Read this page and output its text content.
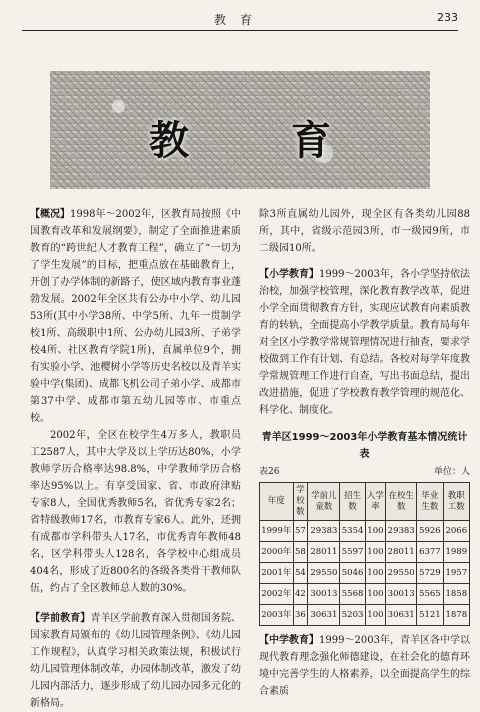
教育	233
教 育

【概况】1998年～2002年，区教育局按照《中国教育改革和发展纲要》，制定了全面推进素质教育的“跨世纪人才教育工程”，确立了“一切为了学生发展”的目标，把重点放在基础教育上，开创了办学体制的新路子，使区域内教育事业蓬勃发展。2002年全区共有公办中小学、幼儿园53所(其中小学38所、中学5所、九年一贯制学校1所、高级职中1所、公办幼儿园3所、子弟学校4所、社区教育学院1所)，直属单位9个，拥有实验小学、池樱树小学等历史名校以及青羊实验中学(集团)、成都飞机公司子弟小学、成都市第37中学、成都市第五幼儿园等市、市重点校。

2002年，全区在校学生4万多人，教职员工2587人，其中大学及以上学历达80%，小学教师学历合格率达98.8%，中学教师学历合格率达95%以上。有享受国家、省、市政府津贴专家8人，全国优秀教师5名，省优秀专家2名；省特级教师17名，市教育专家6人。此外，还拥有成都市学科带头人17名，市优秀青年教师48名，区学科带头人128名，各学校中心组成员404名，形成了近800名的各级各类骨干教师队伍，约占了全区教师总人数的30%。

【学前教育】青羊区学前教育深入贯彻国务院、国家教育局颁布的《幼儿园管理条例》、《幼儿园工作规程》，认真学习相关政策法规，积极试行幼儿园管理体制改革，办园体制改革，激发了幼儿园内部活力，逐步形成了幼儿园办园多元化的新格局。

除3所直属幼儿园外，现全区有各类幼儿园88所，其中，省级示范园3所，市一级园9所，市二级园10所。

【小学教育】1999～2003年，各小学坚持依法治校，加强学校管理，深化教育教学改革，促进小学全面贯彻教育方针，实现应试教育向素质教育的转轨，全面提高小学教学质量。教育局每年对全区小学教学常规管理情况进行抽查，要求学校做到工作有计划、有总结。各校对每学年度教学常规管理工作进行自查，写出书面总结，提出改进措施，促进了学校教育教学管理的规范化、科学化、制度化。

青羊区1999～2003年小学教育基本情况统计表
表26	单位：人
年度	学校数	学前儿童数	招生数	入学率	在校生数	毕业生数	教职工数
1999年	57	29383	5354	100	29383	5926	2066
2000年	58	28011	5597	100	28011	6377	1989
2001年	54	29550	5046	100	29550	5729	1957
2002年	42	30013	5568	100	30013	5565	1858
2003年	36	30631	5203	100	30631	5121	1878

【中学教育】1999～2003年，青羊区各中学以现代教育理念强化师德建设，在社会化的德育环境中完善学生的人格素养，以全面提高学生的综合素质
